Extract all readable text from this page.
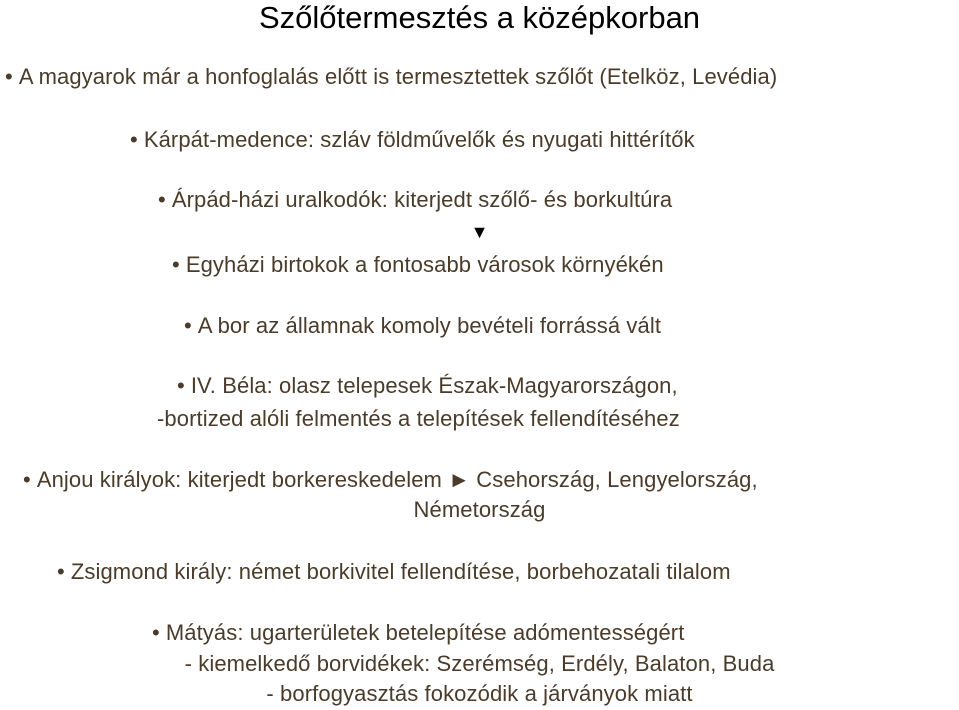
Szőlőtermesztés a középkorban
• A magyarok már a honfoglalás előtt is termesztettek szőlőt (Etelköz, Levédia)
• Kárpát-medence: szláv földművelők és nyugati hittérítők
• Árpád-házi uralkodók: kiterjedt szőlő- és borkultúra
▼
• Egyházi birtokok a fontosabb városok környékén
• A bor az államnak komoly bevételi forrássá vált
• IV. Béla: olasz telepesek Észak-Magyarországon,
-bortized alóli felmentés a telepítések fellendítéséhez
• Anjou királyok: kiterjedt borkereskedelem ► Csehország, Lengyelország,
Németország
• Zsigmond király: német borkivitel fellendítése, borbehozatali tilalom
• Mátyás: ugarterületek betelepítése adómentességért
- kiemelkedő borvidékek: Szerémség, Erdély, Balaton, Buda
- borfogyasztás fokozódik a járványok miatt
